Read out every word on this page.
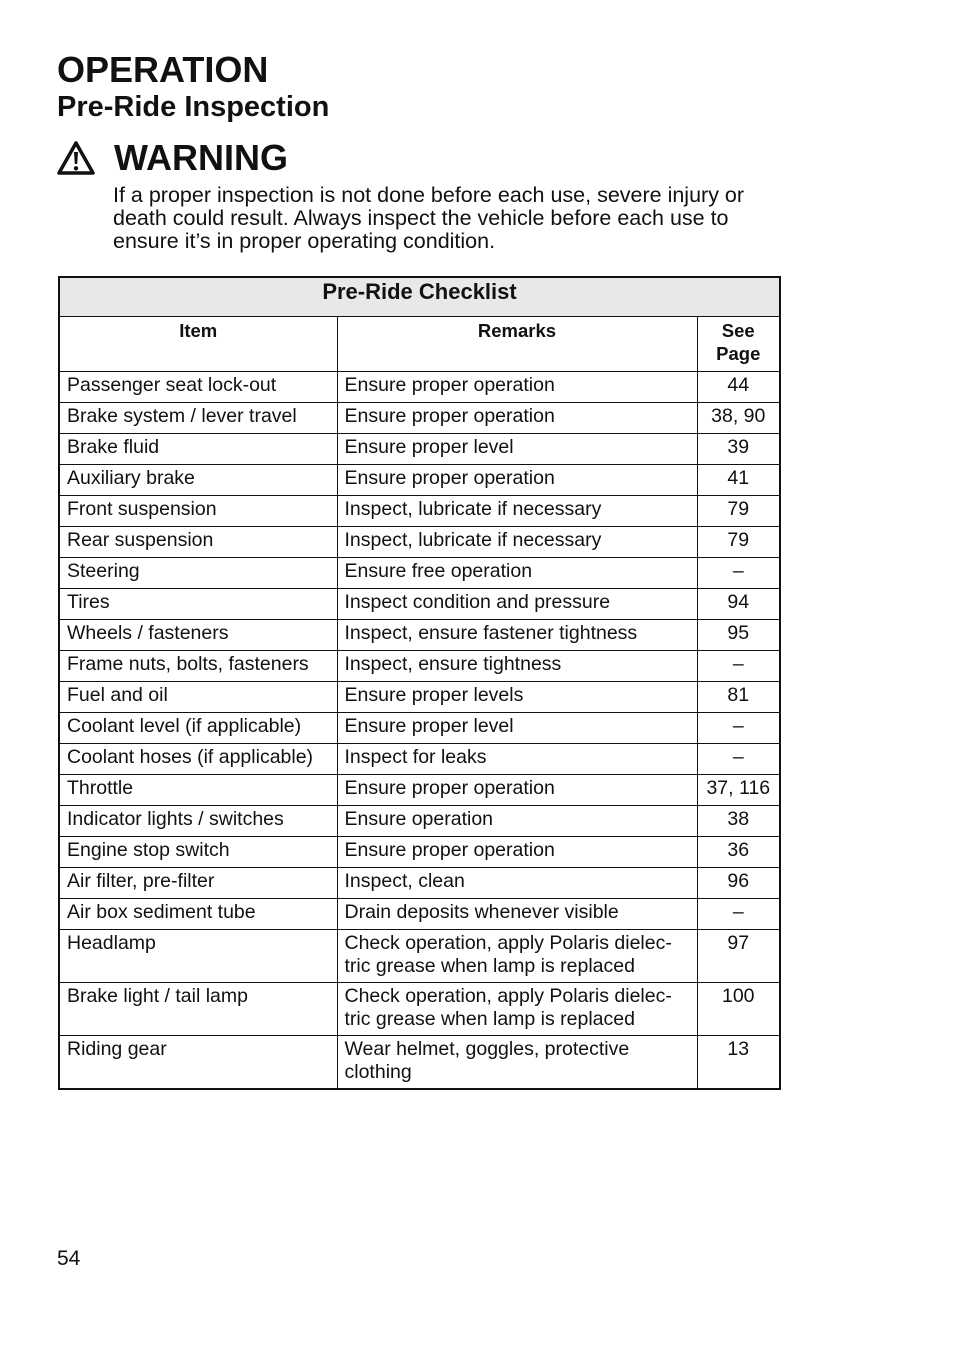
OPERATION
Pre-Ride Inspection
WARNING

If a proper inspection is not done before each use, severe injury or death could result. Always inspect the vehicle before each use to ensure it’s in proper operating condition.

Pre-Ride Checklist		
Item	Remarks	See
Page
Passenger seat lock-out	Ensure proper operation	44
Brake system / lever travel	Ensure proper operation	38, 90
Brake fluid	Ensure proper level	39
Auxiliary brake	Ensure proper operation	41
Front suspension	Inspect, lubricate if necessary	79
Rear suspension	Inspect, lubricate if necessary	79
Steering	Ensure free operation	–
Tires	Inspect condition and pressure	94
Wheels / fasteners	Inspect, ensure fastener tightness	95
Frame nuts, bolts, fasteners	Inspect, ensure tightness	–
Fuel and oil	Ensure proper levels	81
Coolant level (if applicable)	Ensure proper level	–
Coolant hoses (if applicable)	Inspect for leaks	–
Throttle	Ensure proper operation	37, 116
Indicator lights / switches	Ensure operation	38
Engine stop switch	Ensure proper operation	36
Air filter, pre-filter	Inspect, clean	96
Air box sediment tube	Drain deposits whenever visible	–
Headlamp	Check operation, apply Polaris dielec-
tric grease when lamp is replaced	97
Brake light / tail lamp	Check operation, apply Polaris dielec-
tric grease when lamp is replaced	100
Riding gear	Wear helmet, goggles, protective
clothing	13
54
